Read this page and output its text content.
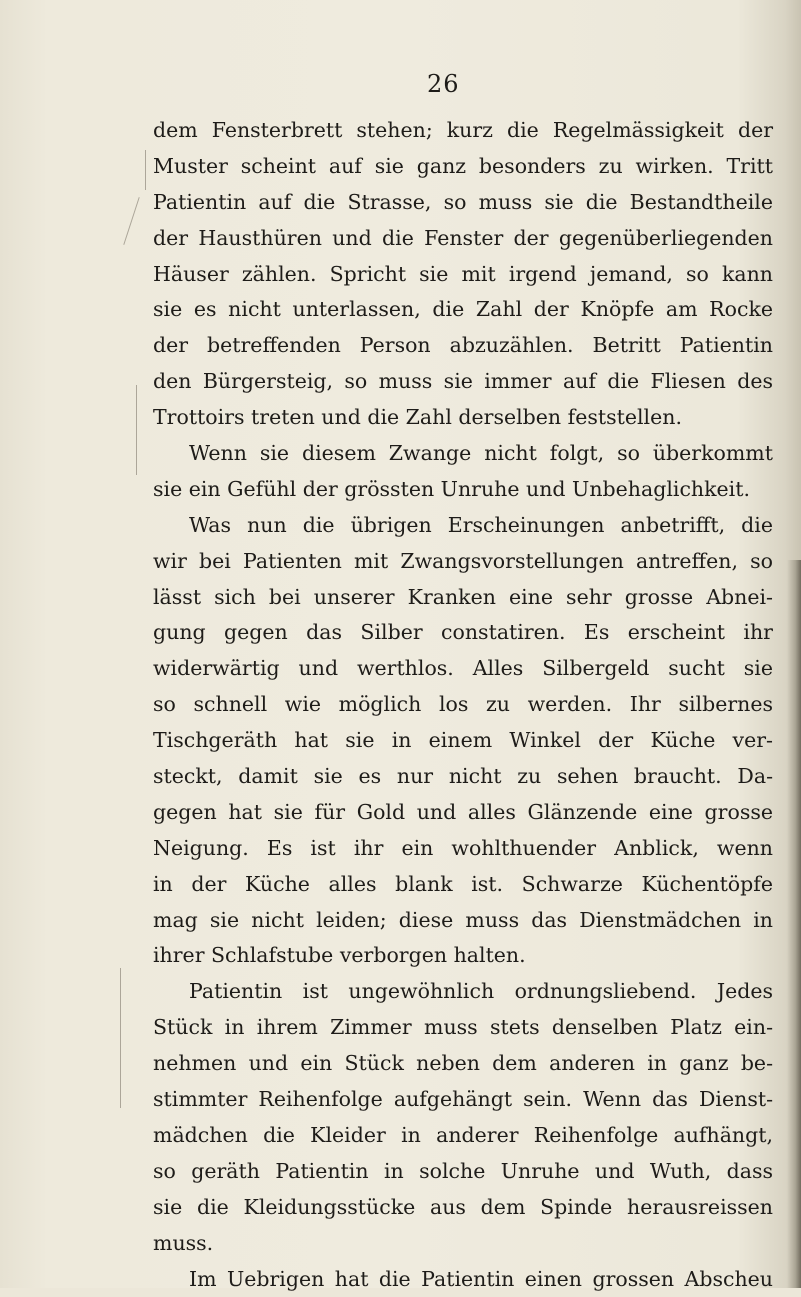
26
dem Fensterbrett stehen; kurz die Regelmässigkeit der
Muster scheint auf sie ganz besonders zu wirken. Tritt
Patientin auf die Strasse, so muss sie die Bestandtheile
der Hausthüren und die Fenster der gegenüberliegenden
Häuser zählen. Spricht sie mit irgend jemand, so kann
sie es nicht unterlassen, die Zahl der Knöpfe am Rocke
der betreffenden Person abzuzählen. Betritt Patientin
den Bürgersteig, so muss sie immer auf die Fliesen des
Trottoirs treten und die Zahl derselben feststellen.
Wenn sie diesem Zwange nicht folgt, so überkommt
sie ein Gefühl der grössten Unruhe und Unbehaglichkeit.
Was nun die übrigen Erscheinungen anbetrifft, die
wir bei Patienten mit Zwangsvorstellungen antreffen, so
lässt sich bei unserer Kranken eine sehr grosse Abnei-
gung gegen das Silber constatiren. Es erscheint ihr
widerwärtig und werthlos. Alles Silbergeld sucht sie
so schnell wie möglich los zu werden. Ihr silbernes
Tischgeräth hat sie in einem Winkel der Küche ver-
steckt, damit sie es nur nicht zu sehen braucht. Da-
gegen hat sie für Gold und alles Glänzende eine grosse
Neigung. Es ist ihr ein wohlthuender Anblick, wenn
in der Küche alles blank ist. Schwarze Küchentöpfe
mag sie nicht leiden; diese muss das Dienstmädchen in
ihrer Schlafstube verborgen halten.
Patientin ist ungewöhnlich ordnungsliebend. Jedes
Stück in ihrem Zimmer muss stets denselben Platz ein-
nehmen und ein Stück neben dem anderen in ganz be-
stimmter Reihenfolge aufgehängt sein. Wenn das Dienst-
mädchen die Kleider in anderer Reihenfolge aufhängt,
so geräth Patientin in solche Unruhe und Wuth, dass
sie die Kleidungsstücke aus dem Spinde herausreissen
muss.
Im Uebrigen hat die Patientin einen grossen Abscheu
